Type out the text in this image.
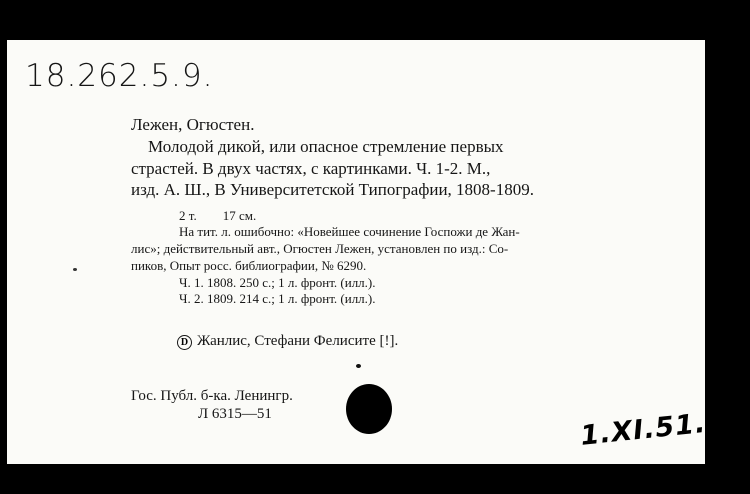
18.262.5.9.
Лежен, Огюстен.
Молодой дикой, или опасное стремление первых
страстей. В двух частях, с картинками. Ч. 1-2. М.,
изд. А. Ш., В Университетской Типографии, 1808-1809.
2 т.        17 см.
На тит. л. ошибочно: «Новейшее сочинение Госпожи де Жан-
лис»; действительный авт., Огюстен Лежен, установлен по изд.: Со-
пиков, Опыт росс. библиографии, № 6290.
Ч. 1. 1808. 250 с.; 1 л. фронт. (илл.).
Ч. 2. 1809. 214 с.; 1 л. фронт. (илл.).
D Жанлис, Стефани Фелисите [!].
Гос. Публ. б-ка. Ленингр.
Л 6315—51	1.XI.51.Щ
